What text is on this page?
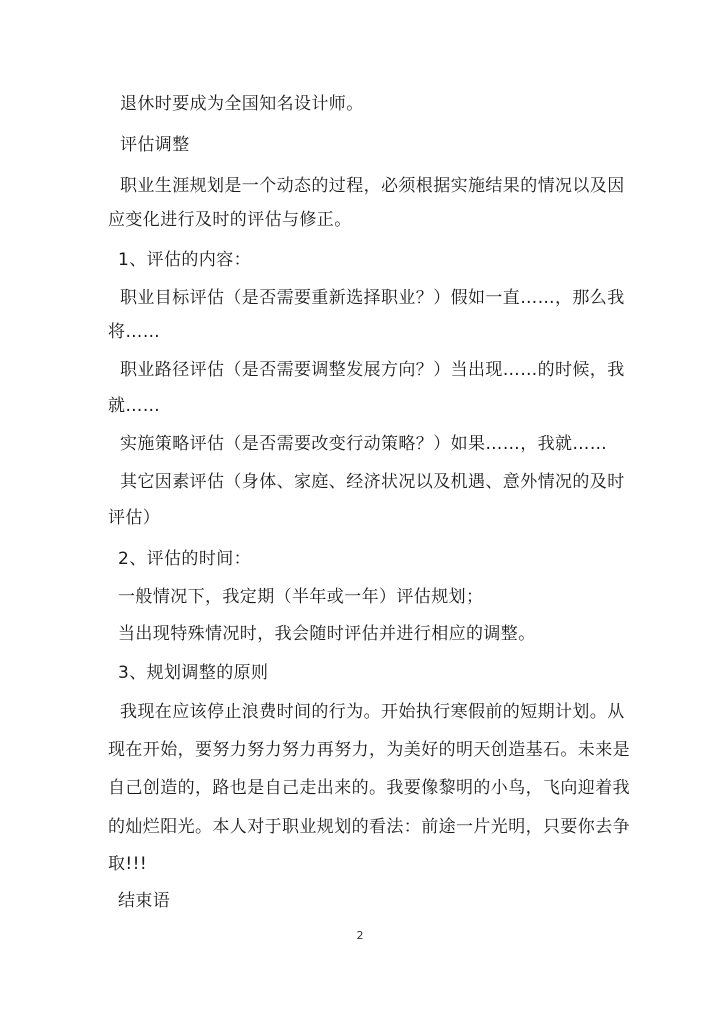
退休时要成为全国知名设计师。
评估调整
职业生涯规划是一个动态的过程，必须根据实施结果的情况以及因
应变化进行及时的评估与修正。
1、评估的内容：
职业目标评估（是否需要重新选择职业？）假如一直……，那么我
将……
职业路径评估（是否需要调整发展方向？）当出现……的时候，我
就……
实施策略评估（是否需要改变行动策略？）如果……，我就……
其它因素评估（身体、家庭、经济状况以及机遇、意外情况的及时
评估）
2、评估的时间：
一般情况下，我定期（半年或一年）评估规划；
当出现特殊情况时，我会随时评估并进行相应的调整。
3、规划调整的原则
我现在应该停止浪费时间的行为。开始执行寒假前的短期计划。从
现在开始，要努力努力努力再努力，为美好的明天创造基石。未来是
自己创造的，路也是自己走出来的。我要像黎明的小鸟，飞向迎着我
的灿烂阳光。本人对于职业规划的看法：前途一片光明，只要你去争
取!!!
结束语
2
